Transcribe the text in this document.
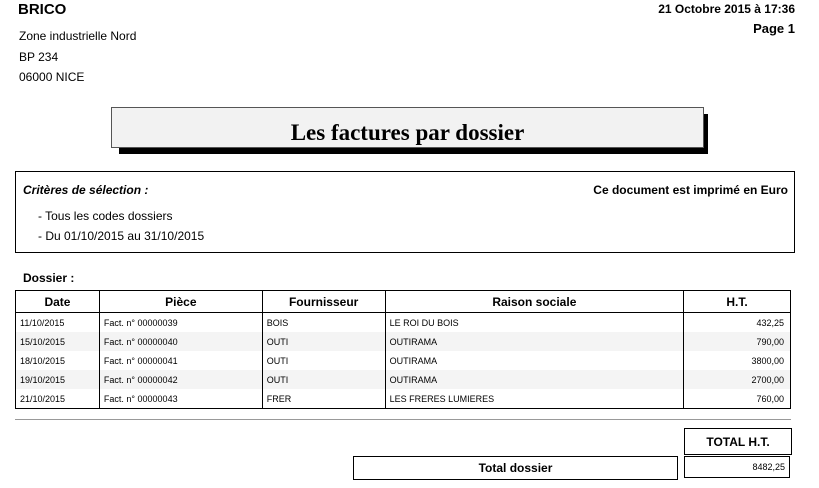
BRICO
Zone industrielle Nord
BP 234
06000 NICE
21 Octobre 2015 à 17:36
Page 1
Les factures par dossier
Critères de sélection :	Ce document est imprimé en Euro
- Tous les codes dossiers
- Du 01/10/2015 au 31/10/2015
Dossier :
Date	Pièce	Fournisseur	Raison sociale	H.T.
11/10/2015	Fact. n° 00000039	BOIS	LE ROI DU BOIS	432,25
15/10/2015	Fact. n° 00000040	OUTI	OUTIRAMA	790,00
18/10/2015	Fact. n° 00000041	OUTI	OUTIRAMA	3800,00
19/10/2015	Fact. n° 00000042	OUTI	OUTIRAMA	2700,00
21/10/2015	Fact. n° 00000043	FRER	LES FRERES LUMIERES	760,00
TOTAL H.T.
Total dossier	8482,25
